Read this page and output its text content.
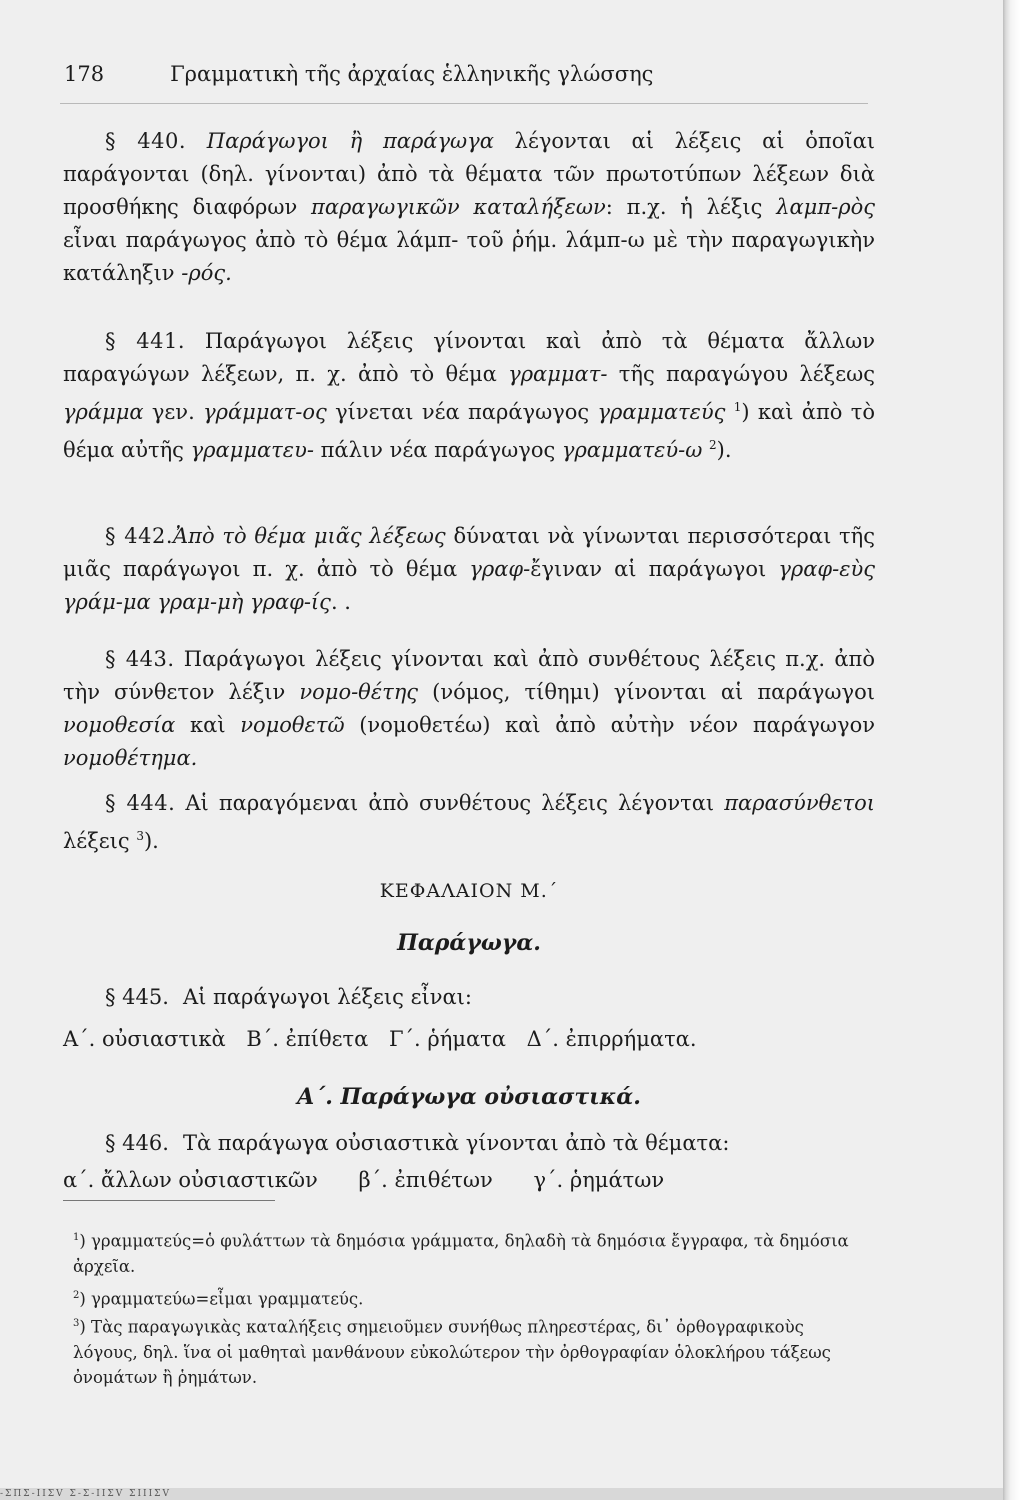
178	Γραμματικὴ τῆς ἀρχαίας ἑλληνικῆς γλώσσης

§ 440. Παράγωγοι ἢ παράγωγα λέγονται αἱ λέξεις αἱ ὁποῖαι παράγονται (δηλ. γίνονται) ἀπὸ τὰ θέματα τῶν πρωτοτύπων λέξεων διὰ προσθήκης διαφόρων παραγωγικῶν καταλήξεων: π.χ. ἡ λέξις λαμπ-ρὸς εἶναι παράγωγος ἀπὸ τὸ θέμα λάμπ- τοῦ ῥήμ. λάμπ-ω μὲ τὴν παραγωγικὴν κατάληξιν -ρός.

§ 441. Παράγωγοι λέξεις γίνονται καὶ ἀπὸ τὰ θέματα ἄλλων παραγώγων λέξεων, π. χ. ἀπὸ τὸ θέμα γραμματ- τῆς παραγώγου λέξεως γράμμα γεν. γράμματ-ος γίνεται νέα παράγωγος γραμματεύς $^1$) καὶ ἀπὸ τὸ θέμα αὐτῆς γραμματευ- πάλιν νέα παράγωγος γραμματεύ-ω $^2$).

§ 442.Ἀπὸ τὸ θέμα μιᾶς λέξεως δύναται νὰ γίνωνται περισσότεραι τῆς μιᾶς παράγωγοι π. χ. ἀπὸ τὸ θέμα γραφ-ἔγιναν αἱ παράγωγοι γραφ-εὺς γράμ-μα γραμ-μὴ γραφ-ίς. .

§ 443. Παράγωγοι λέξεις γίνονται καὶ ἀπὸ συνθέτους λέξεις π.χ. ἀπὸ τὴν σύνθετον λέξιν νομο-θέτης (νόμος, τίθημι) γίνονται αἱ παράγωγοι νομοθεσία καὶ νομοθετῶ (νομοθετέω) καὶ ἀπὸ αὐτὴν νέον παράγωγον νομοθέτημα.

§ 444. Αἱ παραγόμεναι ἀπὸ συνθέτους λέξεις λέγονται παρασύνθετοι λέξεις $^3$).

ΚΕΦΑΛΑΙΟΝ Μ.΄

Παράγωγα.

§ 445. Αἱ παράγωγοι λέξεις εἶναι:

Α΄. οὐσιαστικὰ Β΄. ἐπίθετα Γ΄. ῥήματα Δ΄. ἐπιρρήματα.

Α΄. Παράγωγα οὐσιαστικά.

§ 446. Τὰ παράγωγα οὐσιαστικὰ γίνονται ἀπὸ τὰ θέματα:

α΄. ἄλλων οὐσιαστικῶν β΄. ἐπιθέτων γ΄. ῥημάτων

$^1$) γραμματεύς=ὁ φυλάττων τὰ δημόσια γράμματα, δηλαδὴ τὰ δημόσια ἔγγραφα, τὰ δημόσια ἀρχεῖα.

$^2$) γραμματεύω=εἶμαι γραμματεύς.

$^3$) Τὰς παραγωγικὰς καταλήξεις σημειοῦμεν συνήθως πληρεστέρας, δι᾽ ὀρθογραφικοὺς λόγους, δηλ. ἵνα οἱ μαθηταὶ μανθάνουν εὐκολώτερον τὴν ὀρθογραφίαν ὁλοκλήρου τάξεως ὀνομάτων ἢ ῥημάτων.

-ΣΠΣ-ΙΙΣV Σ-Σ-ΙΙΣV ΣΙΙΙΣV
